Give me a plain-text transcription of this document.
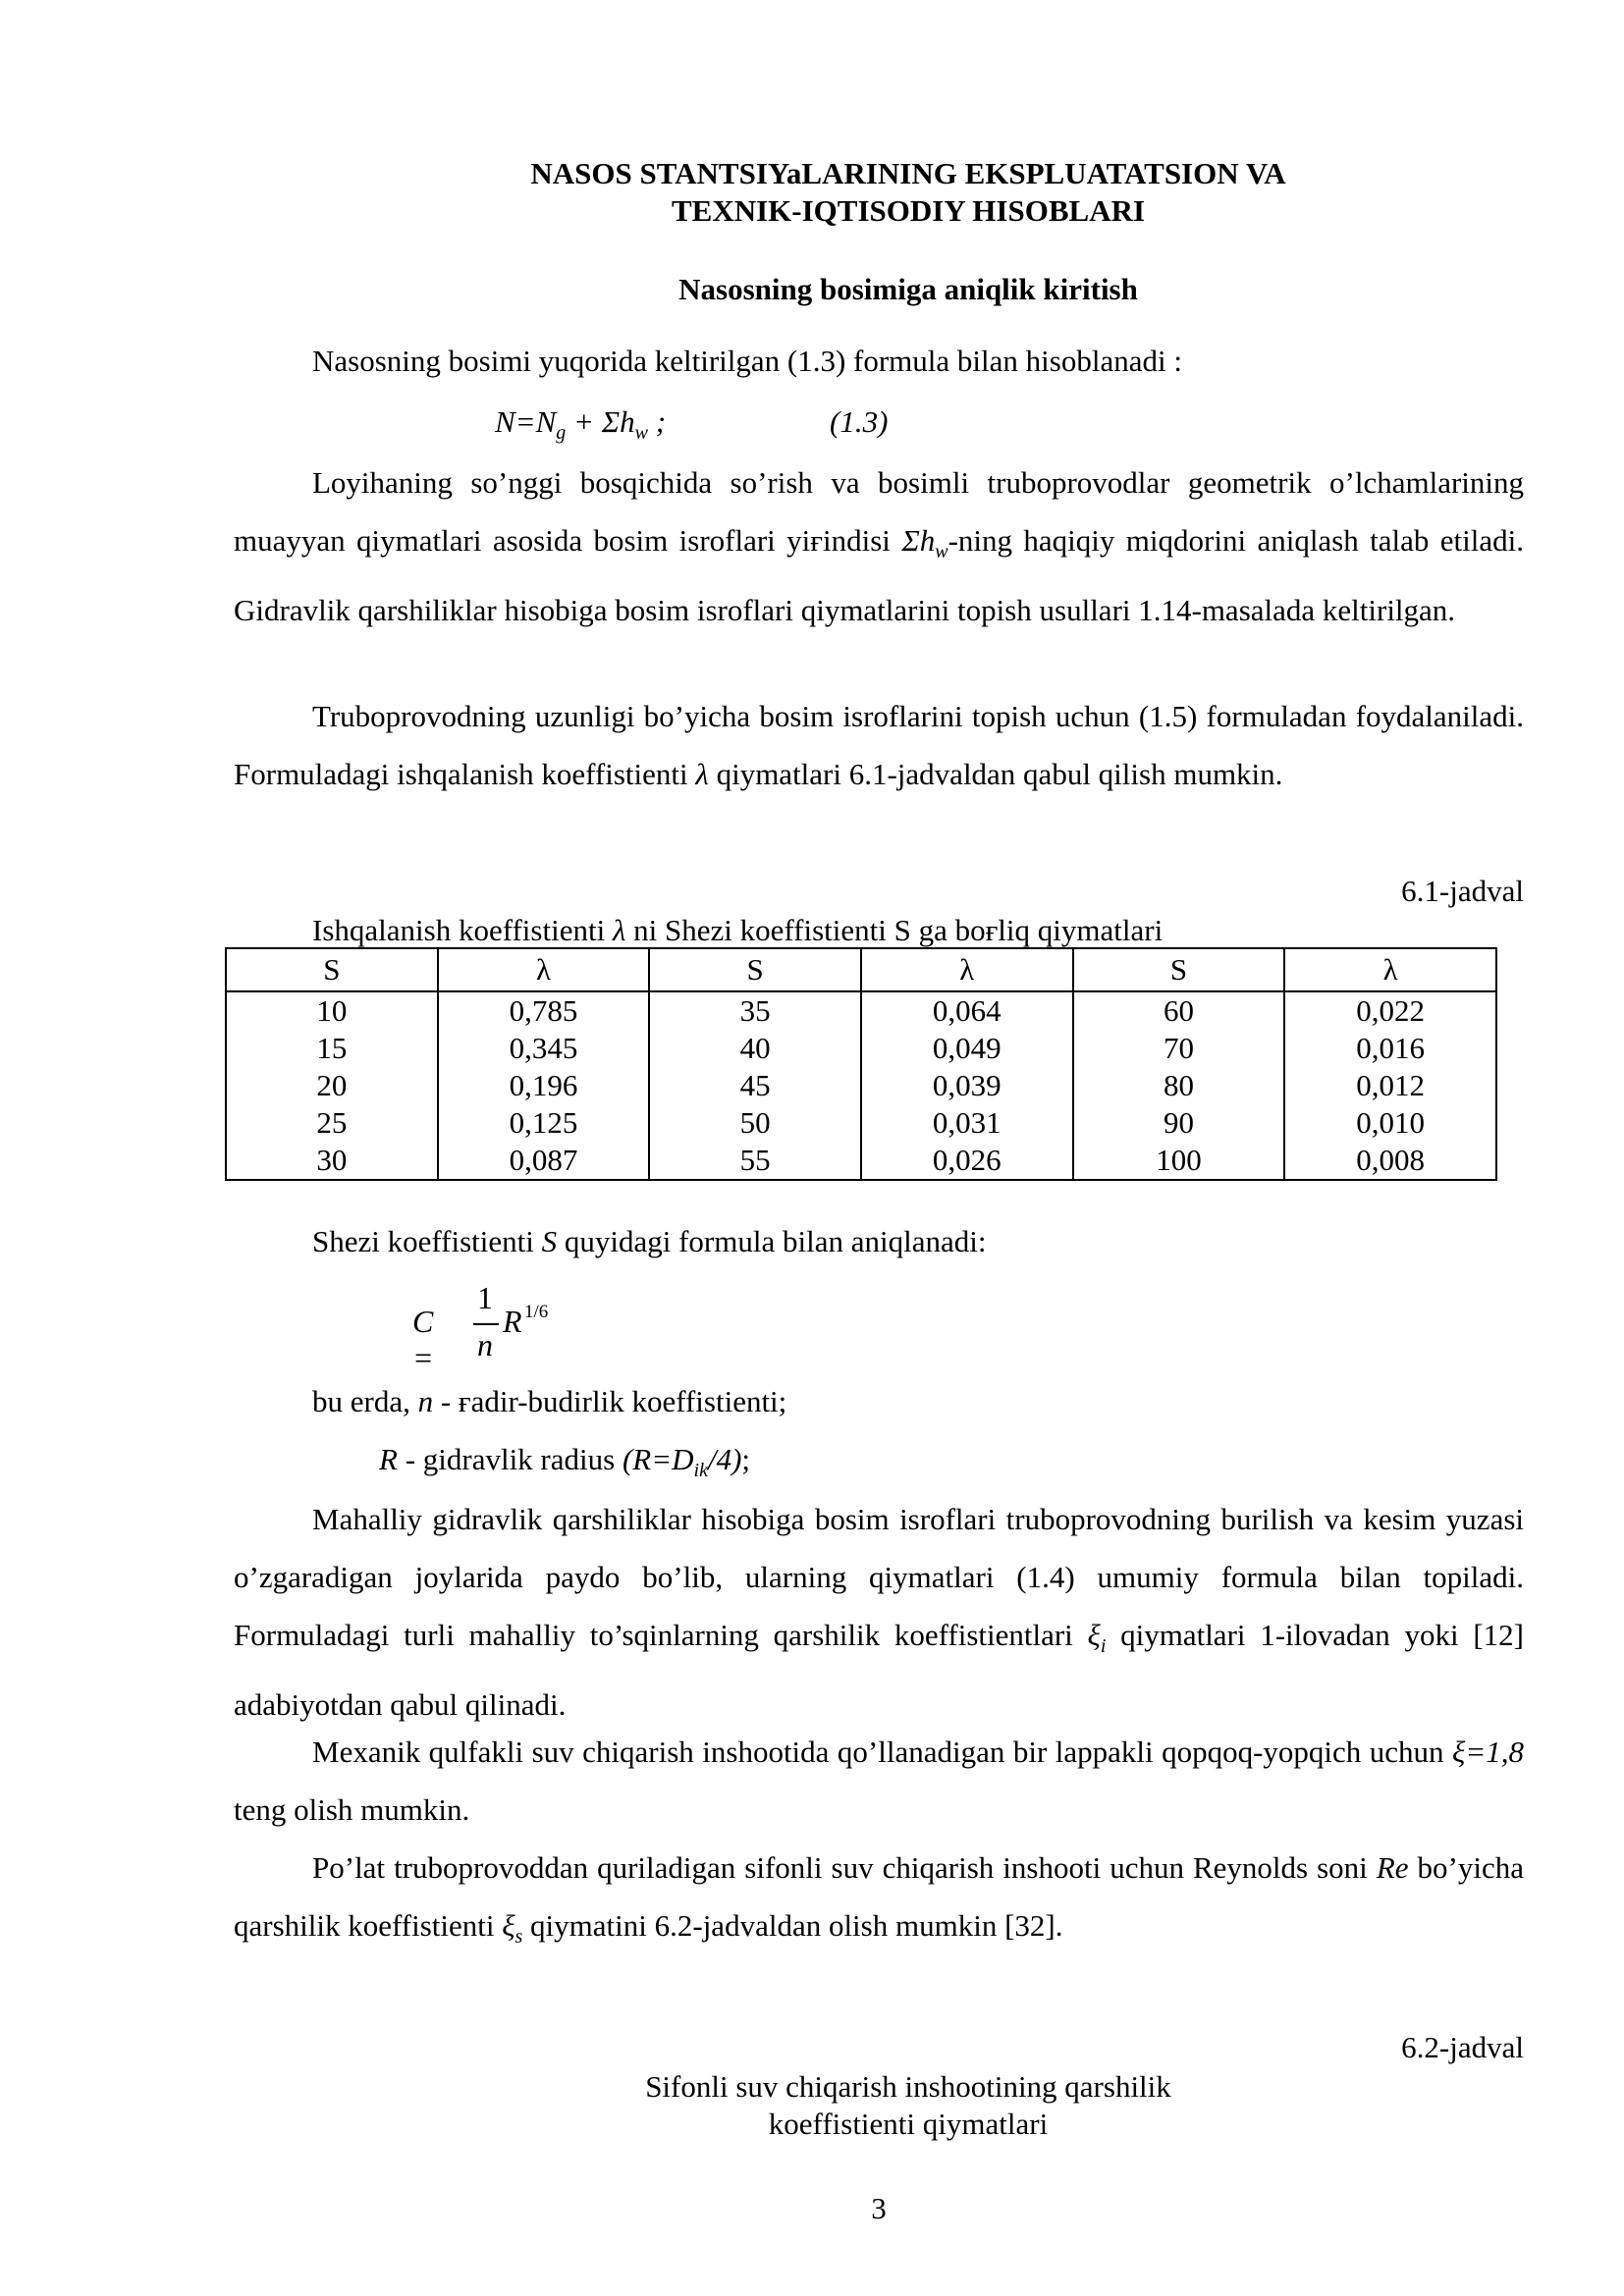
NASOS STANTSIYaLARINING EKSPLUATATSION VA
TEXNIK-IQTISODIY HISOBLARI
Nasosning bosimiga aniqlik kiritish
Nasosning bosimi yuqorida keltirilgan (1.3) formula bilan hisoblanadi :
$N=N_g + \Sigma h_w$ ;	(1.3)

Loyihaning so’nggi bosqichida so’rish va bosimli truboprovodlar geometrik o’lchamlarining muayyan qiymatlari asosida bosim isroflari yiғindisi $\Sigma h_w$-ning haqiqiy miqdorini aniqlash talab etiladi. Gidravlik qarshiliklar hisobiga bosim isroflari qiymatlarini topish usullari 1.14-masalada keltirilgan.

Truboprovodning uzunligi bo’yicha bosim isroflarini topish uchun (1.5) formuladan foydalaniladi. Formuladagi ishqalanish koeffistienti λ qiymatlari 6.1-jadvaldan qabul qilish mumkin.

6.1-jadval
Ishqalanish koeffistienti λ ni Shezi koeffistienti S ga boғliq qiymatlari
S	λ	S	λ	S	λ
10	0,785	35	0,064	60	0,022
15	0,345	40	0,049	70	0,016
20	0,196	45	0,039	80	0,012
25	0,125	50	0,031	90	0,010
30	0,087	55	0,026	100	0,008
Shezi koeffistienti S quyidagi formula bilan aniqlanadi:
C =
1
n
R 1/6
bu erda, n - ғadir-budirlik koeffistienti;
R - gidravlik radius $(R=D_{ik}/4)$;

Mahalliy gidravlik qarshiliklar hisobiga bosim isroflari truboprovodning burilish va kesim yuzasi o’zgaradigan joylarida paydo bo’lib, ularning qiymatlari (1.4) umumiy formula bilan topiladi. Formuladagi turli mahalliy to’sqinlarning qarshilik koeffistientlari $\xi_i$ qiymatlari 1-ilovadan yoki [12] adabiyotdan qabul qilinadi.

Mexanik qulfakli suv chiqarish inshootida qo’llanadigan bir lappakli qopqoq-yopqich uchun ξ=1,8 teng olish mumkin.

Po’lat truboprovoddan quriladigan sifonli suv chiqarish inshooti uchun Reynolds soni Re bo’yicha qarshilik koeffistienti $\xi_s$ qiymatini 6.2-jadvaldan olish mumkin [32].

6.2-jadval
Sifonli suv chiqarish inshootining qarshilik
koeffistienti qiymatlari
3
